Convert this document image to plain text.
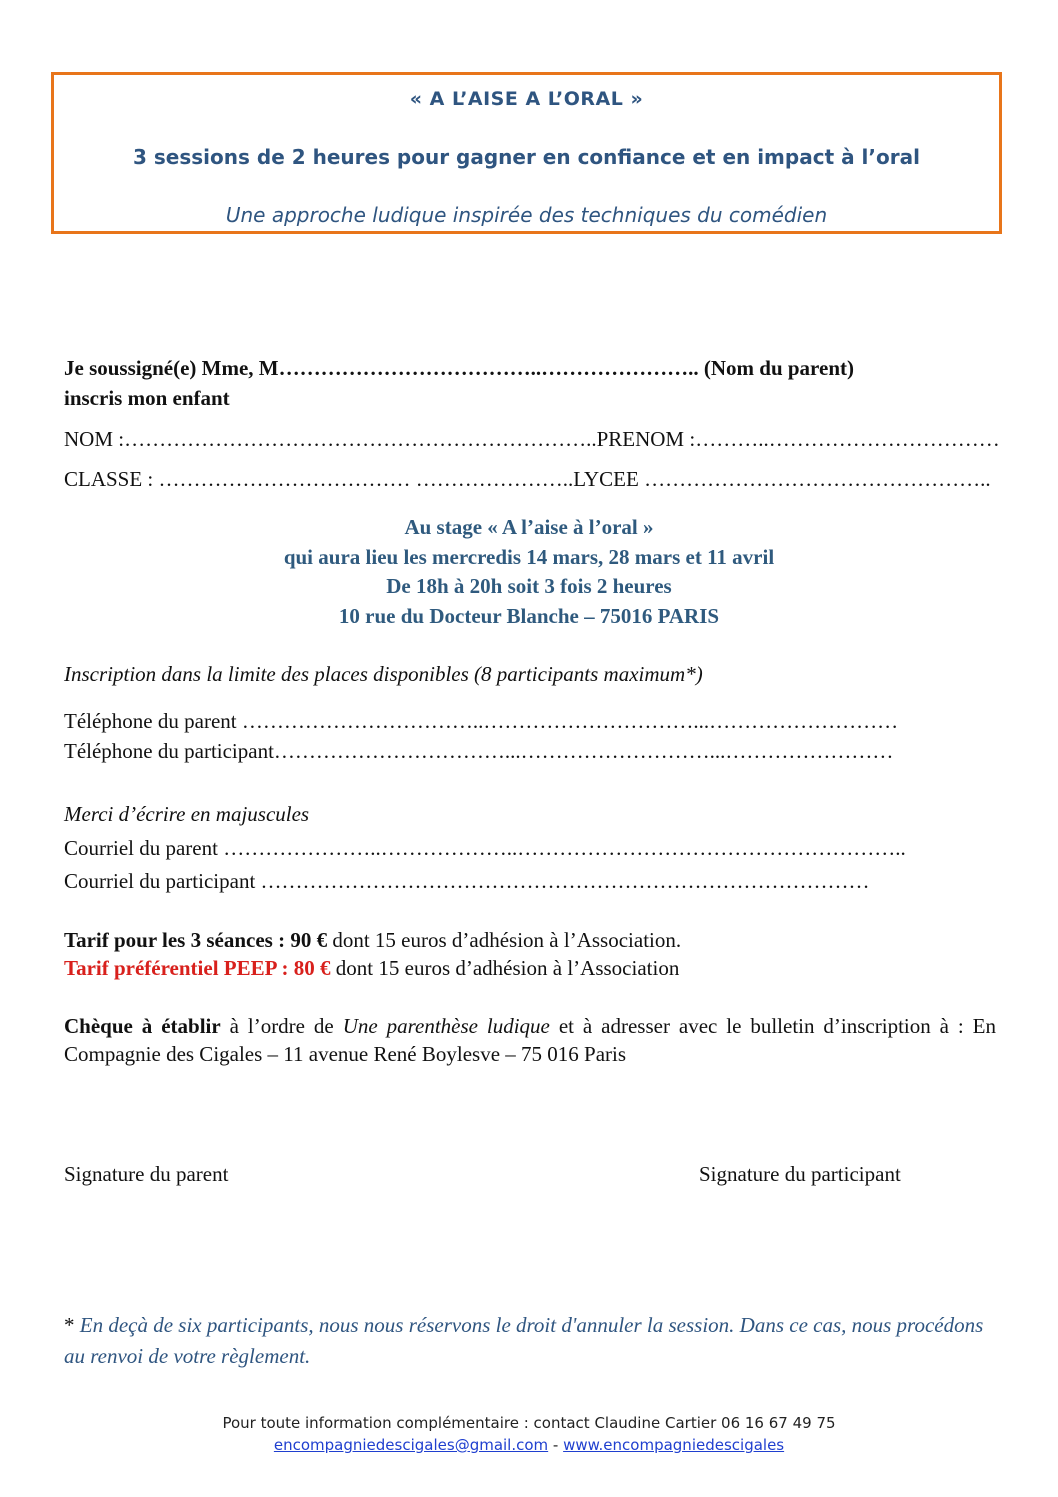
« A L’AISE A L’ORAL »
3 sessions de 2 heures pour gagner en confiance et en impact à l’oral
Une approche ludique inspirée des techniques du comédien
Je soussigné(e) Mme, M………………………………..………………….. (Nom du parent)
inscris mon enfant
NOM :…………………………………………………………..PRENOM :………..……………………………
CLASSE : ……………………………… …………………..LYCEE …………………………………………..
Au stage « A l’aise à l’oral »
qui aura lieu les mercredis 14 mars, 28 mars et 11 avril
De 18h à 20h soit 3 fois 2 heures
10 rue du Docteur Blanche – 75016 PARIS
Inscription dans la limite des places disponibles (8 participants maximum*)
Téléphone du parent ……………………………..…………………………...………………………
Téléphone du participant……………………………...………………………...……………………
Merci d’écrire en majuscules
Courriel du parent …………………..………………..………………………………………………..
Courriel du participant ……………………………………………………………………………
Tarif pour les 3 séances : 90 € dont 15 euros d’adhésion à l’Association.
Tarif préférentiel PEEP : 80 € dont 15 euros d’adhésion à l’Association
Chèque à établir à l’ordre de Une parenthèse ludique et à adresser avec le bulletin d’inscription à : En Compagnie des Cigales – 11 avenue René Boylesve – 75 016 Paris
Signature du parent	Signature du participant
* En deçà de six participants, nous nous réservons le droit d'annuler la session. Dans ce cas, nous procédons au renvoi de votre règlement.
Pour toute information complémentaire : contact Claudine Cartier 06 16 67 49 75
encompagniedescigales@gmail.com - www.encompagniedescigales
